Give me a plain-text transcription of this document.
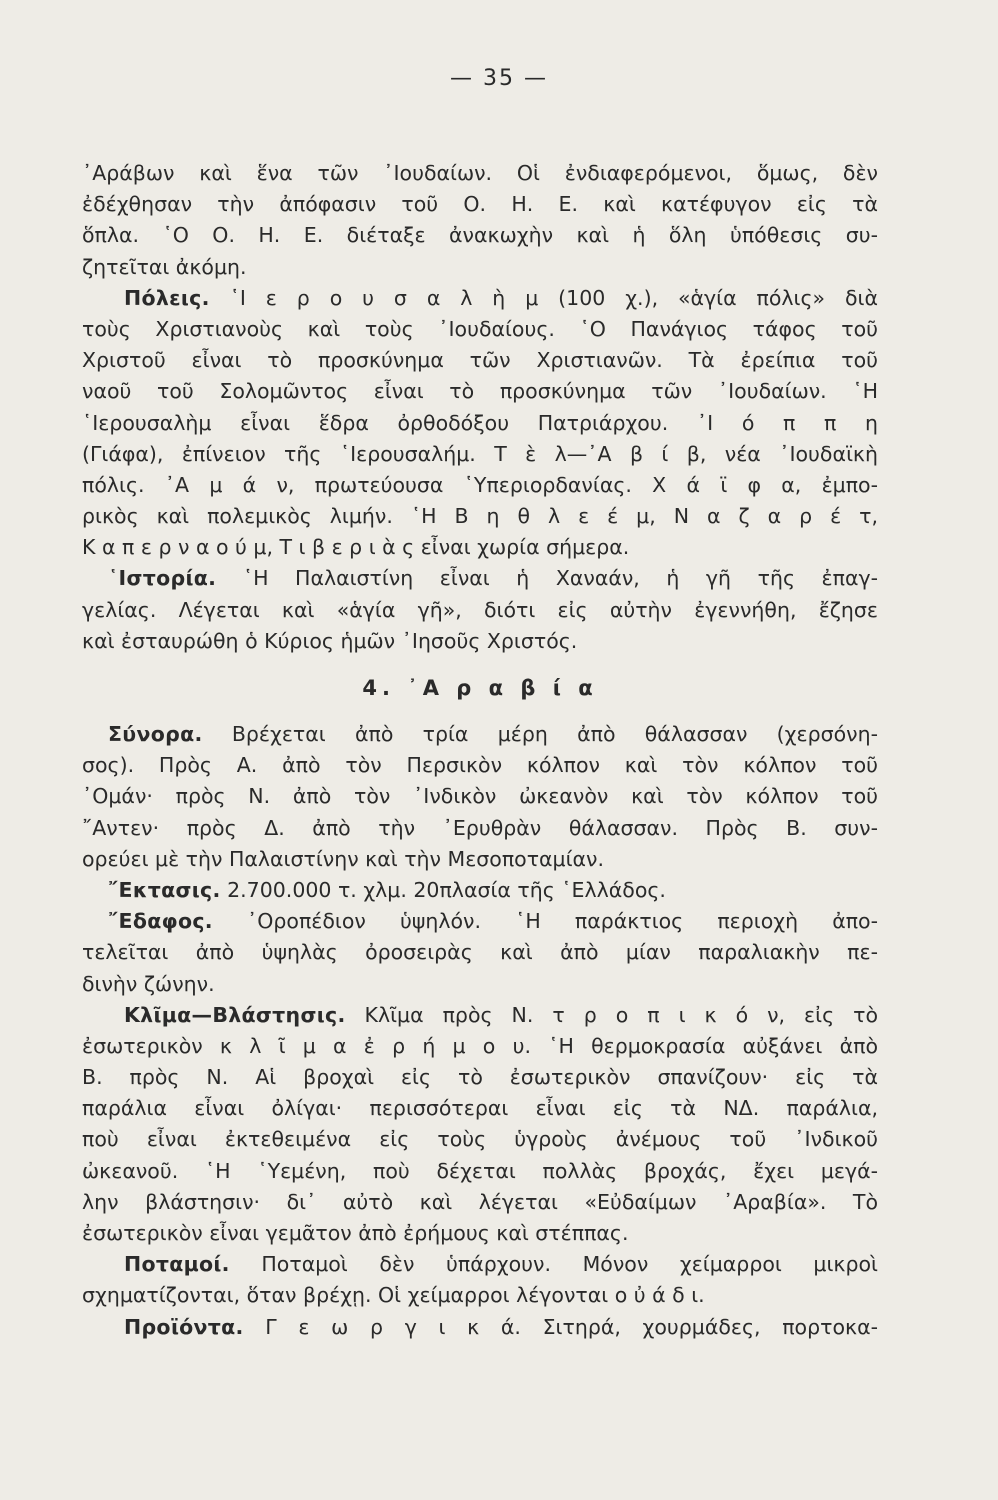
— 35 —
᾿Αράβων καὶ ἕνα τῶν ᾿Ιουδαίων. Οἱ ἐνδιαφερόμενοι, ὅμως, δὲν
ἐδέχθησαν τὴν ἀπόφασιν τοῦ Ο. Η. Ε. καὶ κατέφυγον εἰς τὰ
ὅπλα. ῾Ο Ο. Η. Ε. διέταξε ἀνακωχὴν καὶ ἡ ὅλη ὑπόθεσις συ-
ζητεῖται ἀκόμη.
Πόλεις. ῾Ι ε ρ ο υ σ α λ ὴ μ (100 χ.), «ἁγία πόλις» διὰ
τοὺς Χριστιανοὺς καὶ τοὺς ᾿Ιουδαίους. ῾Ο Πανάγιος τάφος τοῦ
Χριστοῦ εἶναι τὸ προσκύνημα τῶν Χριστιανῶν. Τὰ ἐρείπια τοῦ
ναοῦ τοῦ Σολομῶντος εἶναι τὸ προσκύνημα τῶν ᾿Ιουδαίων. ῾Η
῾Ιερουσαλὴμ εἶναι ἕδρα ὀρθοδόξου Πατριάρχου. ᾿Ι ό π π η
(Γιάφα), ἐπίνειον τῆς ῾Ιερουσαλήμ. Τ ὲ λ—᾿Α β ί β, νέα ᾿Ιουδαϊκὴ
πόλις. ᾿Α μ ά ν, πρωτεύουσα ῾Υπεριορδανίας. Χ ά ϊ φ α, ἐμπο-
ρικὸς καὶ πολεμικὸς λιμήν. ῾Η Β η θ λ ε έ μ, Ν α ζ α ρ έ τ,
Κ α π ε ρ ν α ο ύ μ, Τ ι β ε ρ ι ὰ ς εἶναι χωρία σήμερα.
῾Ιστορία. ῾Η Παλαιστίνη εἶναι ἡ Χαναάν, ἡ γῆ τῆς ἐπαγ-
γελίας. Λέγεται καὶ «ἁγία γῆ», διότι εἰς αὐτὴν ἐγεννήθη, ἔζησε
καὶ ἐσταυρώθη ὁ Κύριος ἡμῶν ᾿Ιησοῦς Χριστός.
4. ᾿Α ρ α β ί α
Σύνορα. Βρέχεται ἀπὸ τρία μέρη ἀπὸ θάλασσαν (χερσόνη-
σος). Πρὸς Α. ἀπὸ τὸν Περσικὸν κόλπον καὶ τὸν κόλπον τοῦ
᾿Ομάν· πρὸς Ν. ἀπὸ τὸν ᾿Ινδικὸν ὠκεανὸν καὶ τὸν κόλπον τοῦ
῎Αντεν· πρὸς Δ. ἀπὸ τὴν ᾿Ερυθρὰν θάλασσαν. Πρὸς Β. συν-
ορεύει μὲ τὴν Παλαιστίνην καὶ τὴν Μεσοποταμίαν.
῎Εκτασις. 2.700.000 τ. χλμ. 20πλασία τῆς ῾Ελλάδος.
῎Εδαφος. ᾿Οροπέδιον ὑψηλόν. ῾Η παράκτιος περιοχὴ ἀπο-
τελεῖται ἀπὸ ὑψηλὰς ὀροσειρὰς καὶ ἀπὸ μίαν παραλιακὴν πε-
δινὴν ζώνην.
Κλῖμα—Βλάστησις. Κλῖμα πρὸς Ν. τ ρ ο π ι κ ό ν, εἰς τὸ
ἐσωτερικὸν κ λ ῖ μ α ἐ ρ ή μ ο υ. ῾Η θερμοκρασία αὐξάνει ἀπὸ
Β. πρὸς Ν. Αἱ βροχαὶ εἰς τὸ ἐσωτερικὸν σπανίζουν· εἰς τὰ
παράλια εἶναι ὀλίγαι· περισσότεραι εἶναι εἰς τὰ ΝΔ. παράλια,
ποὺ εἶναι ἐκτεθειμένα εἰς τοὺς ὑγροὺς ἀνέμους τοῦ ᾿Ινδικοῦ
ὠκεανοῦ. ῾Η ῾Υεμένη, ποὺ δέχεται πολλὰς βροχάς, ἔχει μεγά-
λην βλάστησιν· δι᾿ αὐτὸ καὶ λέγεται «Εὐδαίμων ᾿Αραβία». Τὸ
ἐσωτερικὸν εἶναι γεμᾶτον ἀπὸ ἐρήμους καὶ στέππας.
Ποταμοί. Ποταμοὶ δὲν ὑπάρχουν. Μόνον χείμαρροι μικροὶ
σχηματίζονται, ὅταν βρέχῃ. Οἱ χείμαρροι λέγονται ο ὐ ά δ ι.
Προϊόντα. Γ ε ω ρ γ ι κ ά. Σιτηρά, χουρμάδες, πορτοκα-
